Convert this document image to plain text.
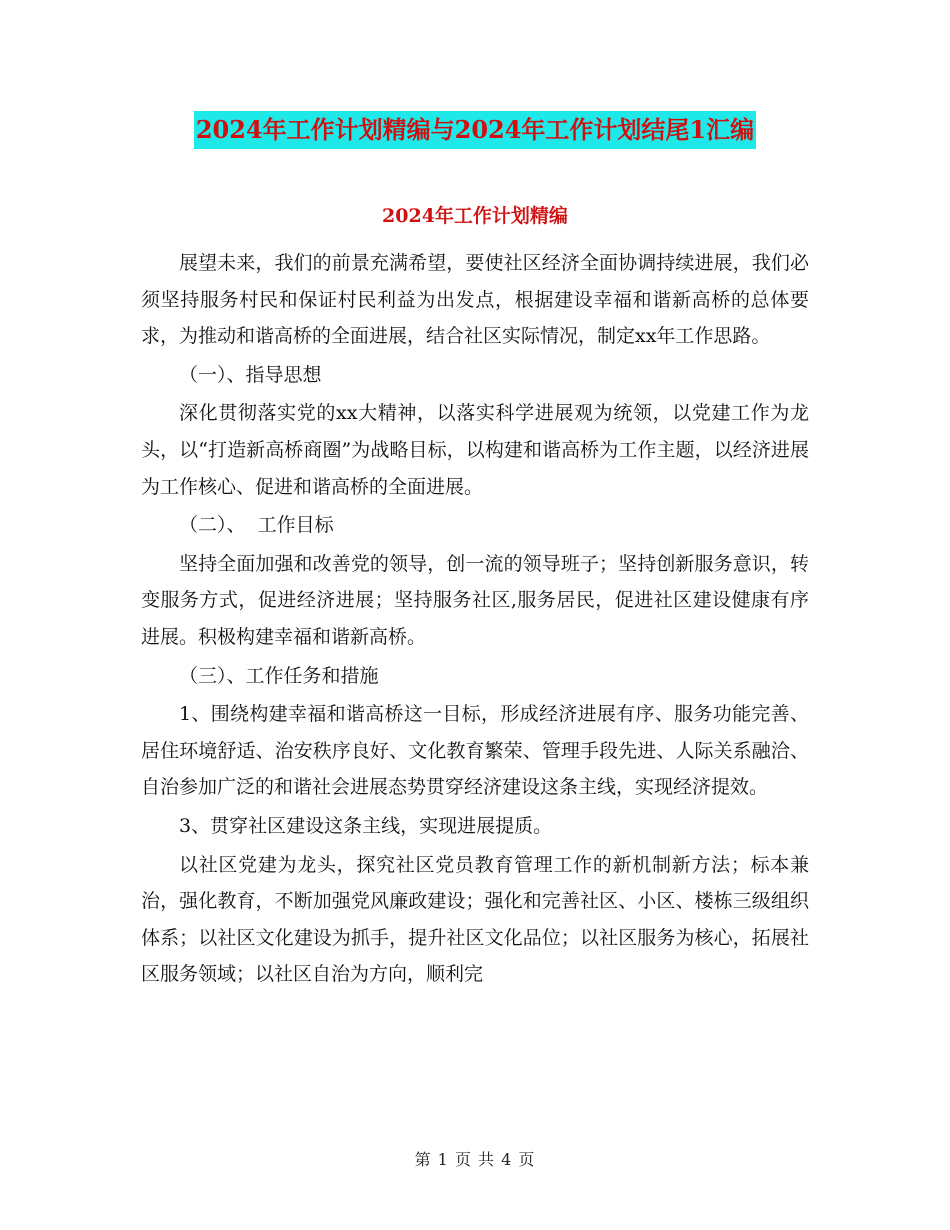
2024年工作计划精编与2024年工作计划结尾1汇编
2024年工作计划精编

展望未来，我们的前景充满希望，要使社区经济全面协调持续进展，我们必须坚持服务村民和保证村民利益为出发点，根据建设幸福和谐新高桥的总体要求，为推动和谐高桥的全面进展，结合社区实际情况，制定xx年工作思路。

（一）、指导思想

深化贯彻落实党的xx大精神，以落实科学进展观为统领，以党建工作为龙头，以“打造新高桥商圈”为战略目标，以构建和谐高桥为工作主题，以经济进展为工作核心、促进和谐高桥的全面进展。

（二）、  工作目标

坚持全面加强和改善党的领导，创一流的领导班子；坚持创新服务意识，转变服务方式，促进经济进展；坚持服务社区,服务居民，促进社区建设健康有序进展。积极构建幸福和谐新高桥。

（三）、工作任务和措施

1、围绕构建幸福和谐高桥这一目标，形成经济进展有序、服务功能完善、居住环境舒适、治安秩序良好、文化教育繁荣、管理手段先进、人际关系融洽、自治参加广泛的和谐社会进展态势贯穿经济建设这条主线，实现经济提效。

3、贯穿社区建设这条主线，实现进展提质。

以社区党建为龙头，探究社区党员教育管理工作的新机制新方法；标本兼治，强化教育，不断加强党风廉政建设；强化和完善社区、小区、楼栋三级组织体系；以社区文化建设为抓手，提升社区文化品位；以社区服务为核心，拓展社区服务领域；以社区自治为方向，顺利完

第 1 页 共 4 页
